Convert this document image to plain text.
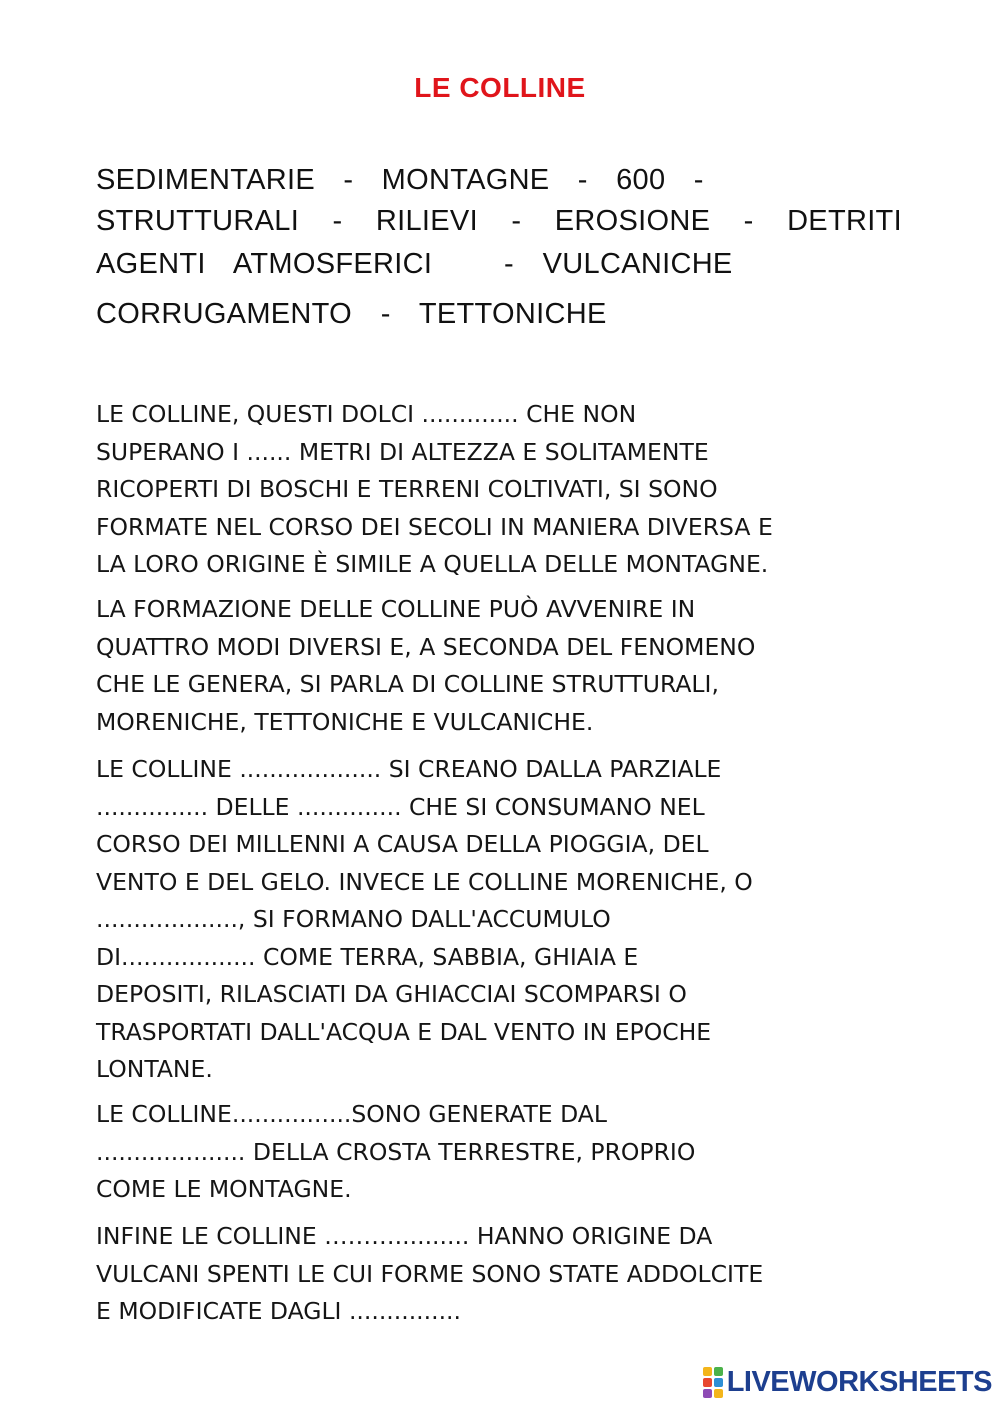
LE COLLINE
SEDIMENTARIE - MONTAGNE - 600 -
STRUTTURALI - RILIEVI - EROSIONE - DETRITI
AGENTI  ATMOSFERICI     -  VULCANICHE
CORRUGAMENTO  -  TETTONICHE

LE COLLINE, QUESTI DOLCI ............. CHE NON
SUPERANO I ...... METRI DI ALTEZZA E SOLITAMENTE
RICOPERTI DI BOSCHI E TERRENI COLTIVATI, SI SONO
FORMATE NEL CORSO DEI SECOLI IN MANIERA DIVERSA E
LA LORO ORIGINE È SIMILE A QUELLA DELLE MONTAGNE.

LA FORMAZIONE DELLE COLLINE PUÒ AVVENIRE IN
QUATTRO MODI DIVERSI E, A SECONDA DEL FENOMENO
CHE LE GENERA, SI PARLA DI COLLINE STRUTTURALI,
MORENICHE, TETTONICHE E VULCANICHE.

LE COLLINE ................... SI CREANO DALLA PARZIALE
............... DELLE .............. CHE SI CONSUMANO NEL
CORSO DEI MILLENNI A CAUSA DELLA PIOGGIA, DEL
VENTO E DEL GELO. INVECE LE COLLINE MORENICHE, O
..................., SI FORMANO DALL'ACCUMULO
DI.................. COME TERRA, SABBIA, GHIAIA E
DEPOSITI, RILASCIATI DA GHIACCIAI SCOMPARSI O
TRASPORTATI DALL'ACQUA E DAL VENTO IN EPOCHE
LONTANE.

LE COLLINE................SONO GENERATE DAL
.................... DELLA CROSTA TERRESTRE, PROPRIO
COME LE MONTAGNE.

INFINE LE COLLINE ……….......... HANNO ORIGINE DA
VULCANI SPENTI LE CUI FORME SONO STATE ADDOLCITE
E MODIFICATE DAGLI ...............

LIVEWORKSHEETS
